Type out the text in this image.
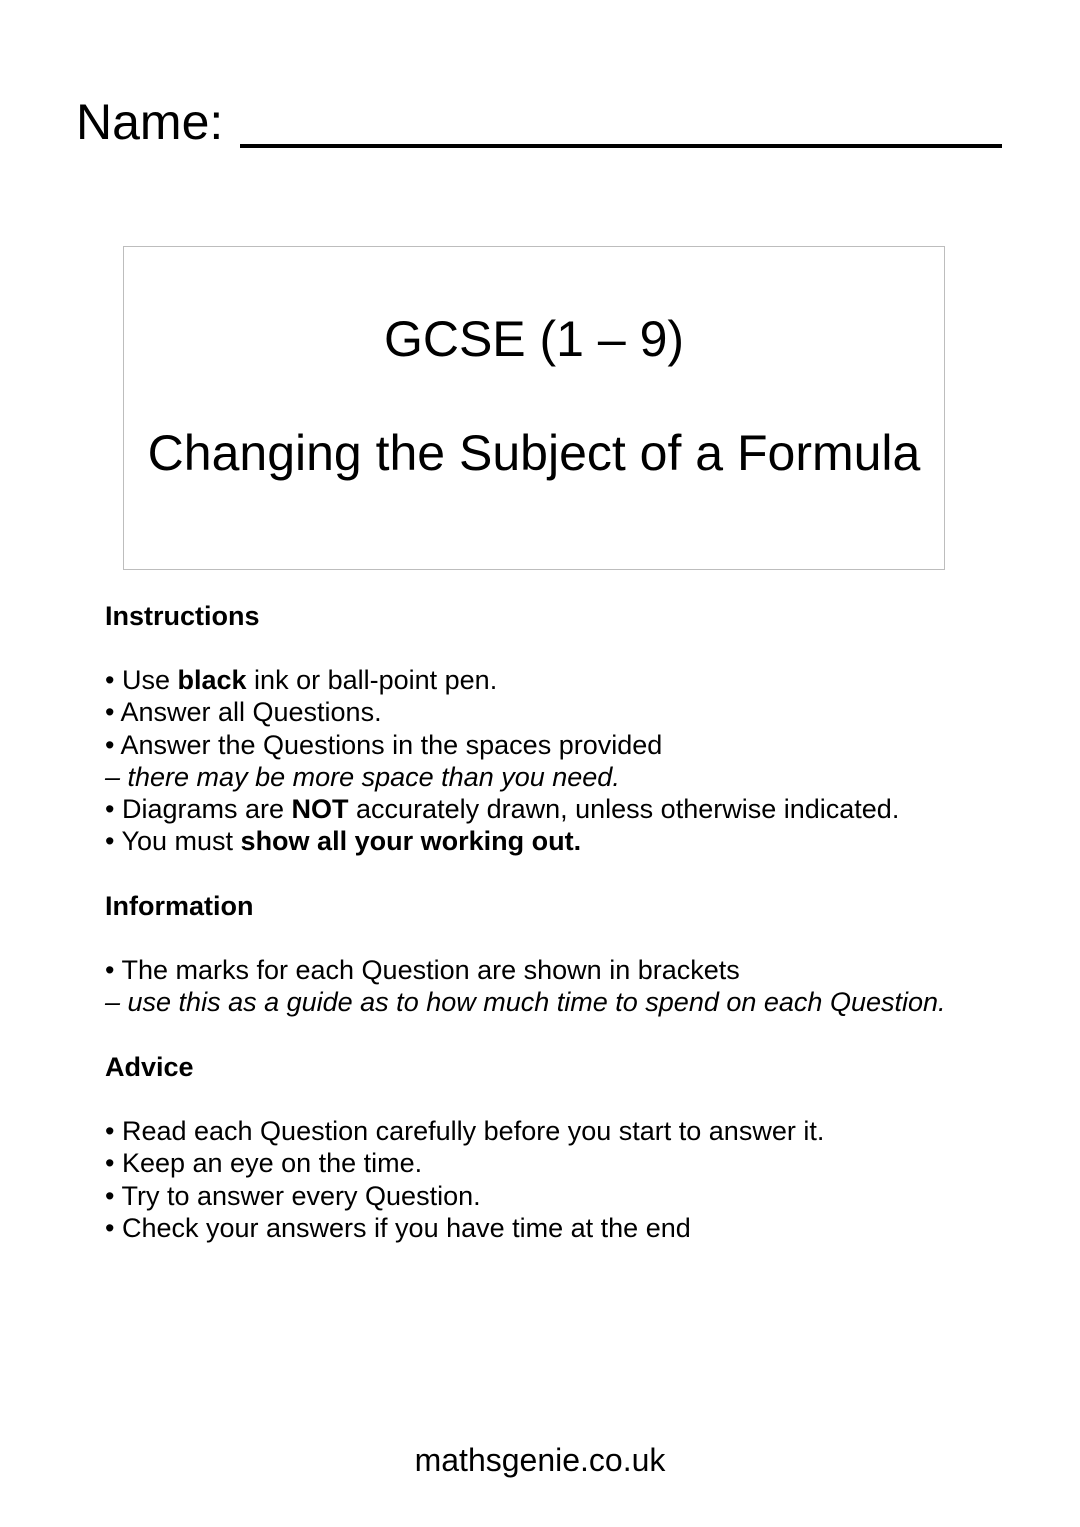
Name:
GCSE (1 – 9)
Changing the Subject of a Formula
Instructions
• Use black ink or ball-point pen.
• Answer all Questions.
• Answer the Questions in the spaces provided
– there may be more space than you need.
• Diagrams are NOT accurately drawn, unless otherwise indicated.
• You must show all your working out.
Information
• The marks for each Question are shown in brackets
– use this as a guide as to how much time to spend on each Question.
Advice
• Read each Question carefully before you start to answer it.
• Keep an eye on the time.
• Try to answer every Question.
• Check your answers if you have time at the end
mathsgenie.co.uk
